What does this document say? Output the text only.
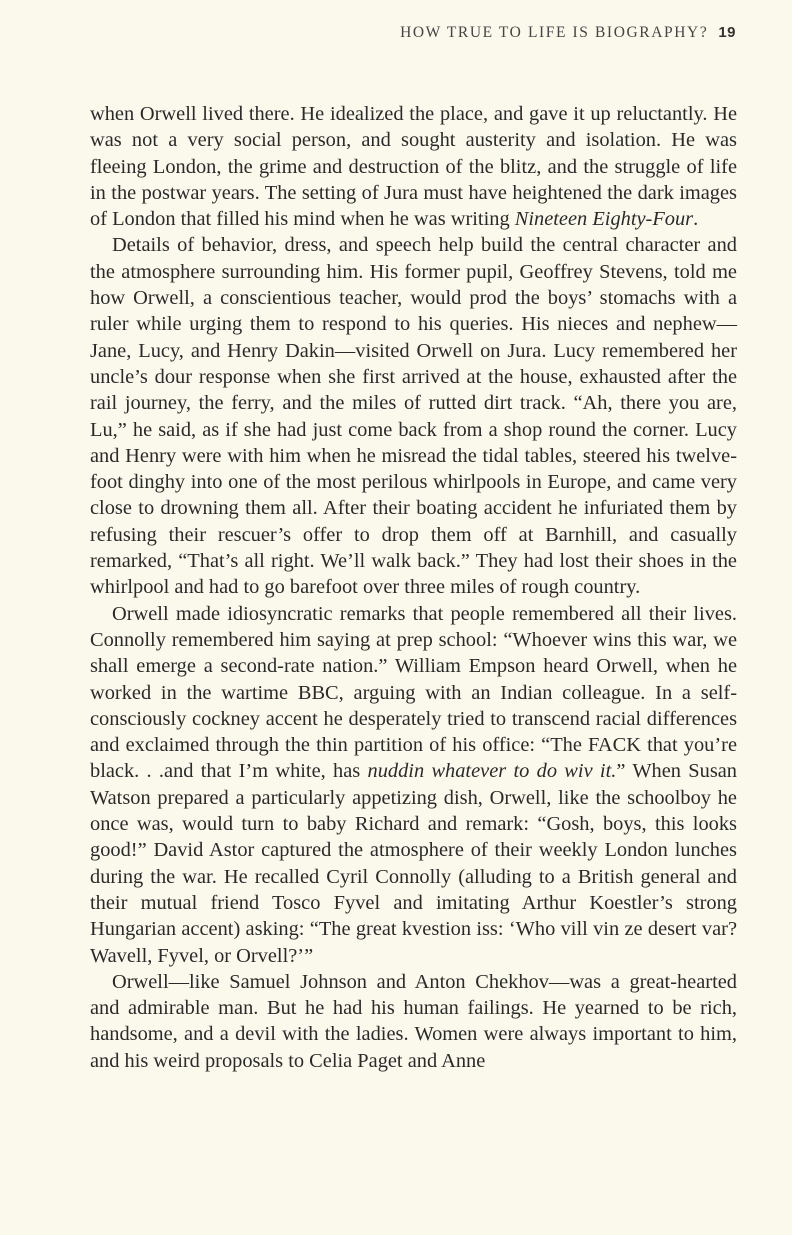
HOW TRUE TO LIFE IS BIOGRAPHY? 19

when Orwell lived there. He idealized the place, and gave it up reluctantly. He was not a very social person, and sought austerity and isolation. He was fleeing London, the grime and destruction of the blitz, and the struggle of life in the postwar years. The setting of Jura must have heightened the dark images of London that filled his mind when he was writing Nineteen Eighty-Four.

Details of behavior, dress, and speech help build the central character and the atmosphere surrounding him. His former pupil, Geoffrey Stevens, told me how Orwell, a conscientious teacher, would prod the boys’ stomachs with a ruler while urging them to respond to his queries. His nieces and nephew—Jane, Lucy, and Henry Dakin—visited Orwell on Jura. Lucy remembered her uncle’s dour response when she first arrived at the house, exhausted after the rail journey, the ferry, and the miles of rutted dirt track. “Ah, there you are, Lu,” he said, as if she had just come back from a shop round the corner. Lucy and Henry were with him when he misread the tidal tables, steered his twelve-foot dinghy into one of the most perilous whirlpools in Europe, and came very close to drowning them all. After their boating accident he infuriated them by refusing their rescuer’s offer to drop them off at Barnhill, and casually remarked, “That’s all right. We’ll walk back.” They had lost their shoes in the whirlpool and had to go barefoot over three miles of rough country.

Orwell made idiosyncratic remarks that people remembered all their lives. Connolly remembered him saying at prep school: “Whoever wins this war, we shall emerge a second-rate nation.” William Empson heard Orwell, when he worked in the wartime BBC, arguing with an Indian colleague. In a self-consciously cockney accent he desperately tried to transcend racial differences and exclaimed through the thin partition of his office: “The FACK that you’re black. . .and that I’m white, has nuddin whatever to do wiv it.” When Susan Watson prepared a particularly appetizing dish, Orwell, like the schoolboy he once was, would turn to baby Richard and remark: “Gosh, boys, this looks good!” David Astor captured the atmosphere of their weekly London lunches during the war. He recalled Cyril Connolly (alluding to a British general and their mutual friend Tosco Fyvel and imitating Arthur Koestler’s strong Hungarian accent) asking: “The great kvestion iss: ‘Who vill vin ze desert var? Wavell, Fyvel, or Orvell?’”

Orwell—like Samuel Johnson and Anton Chekhov—was a great-hearted and admirable man. But he had his human failings. He yearned to be rich, handsome, and a devil with the ladies. Women were always important to him, and his weird proposals to Celia Paget and Anne
